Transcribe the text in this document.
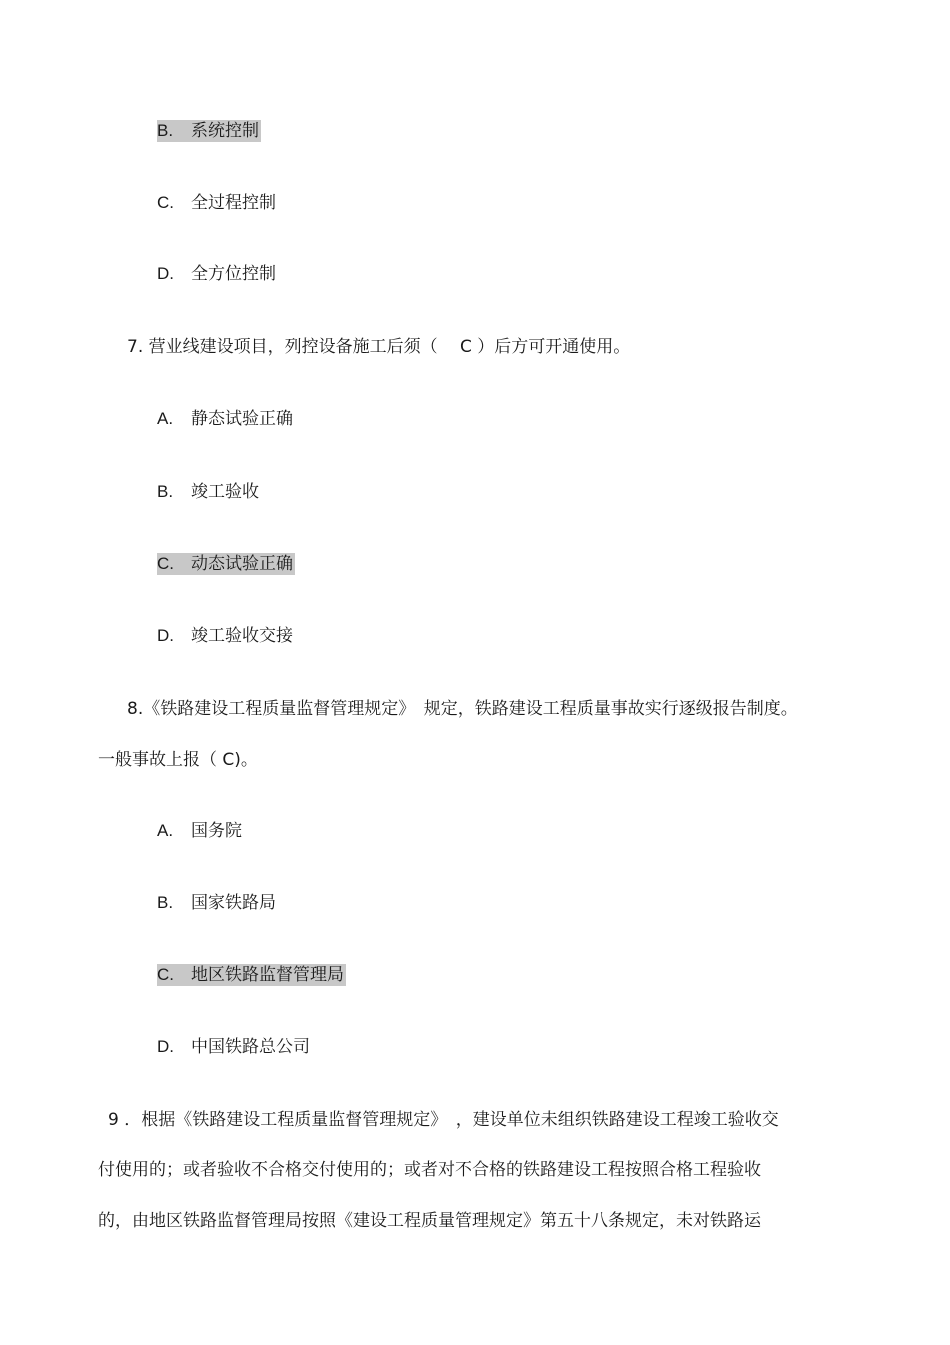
B. 系统控制
C. 全过程控制
D. 全方位控制
7. 营业线建设项目，列控设备施工后须（　 C ）后方可开通使用。
A. 静态试验正确
B. 竣工验收
C. 动态试验正确
D. 竣工验收交接
8.《铁路建设工程质量监督管理规定》　规定，铁路建设工程质量事故实行逐级报告制度。
一般事故上报（ C)。
A. 国务院
B. 国家铁路局
C. 地区铁路监督管理局
D. 中国铁路总公司
9 ．根据《铁路建设工程质量监督管理规定》　，建设单位未组织铁路建设工程竣工验收交
付使用的；或者验收不合格交付使用的；或者对不合格的铁路建设工程按照合格工程验收
的，由地区铁路监督管理局按照《建设工程质量管理规定》第五十八条规定，未对铁路运
